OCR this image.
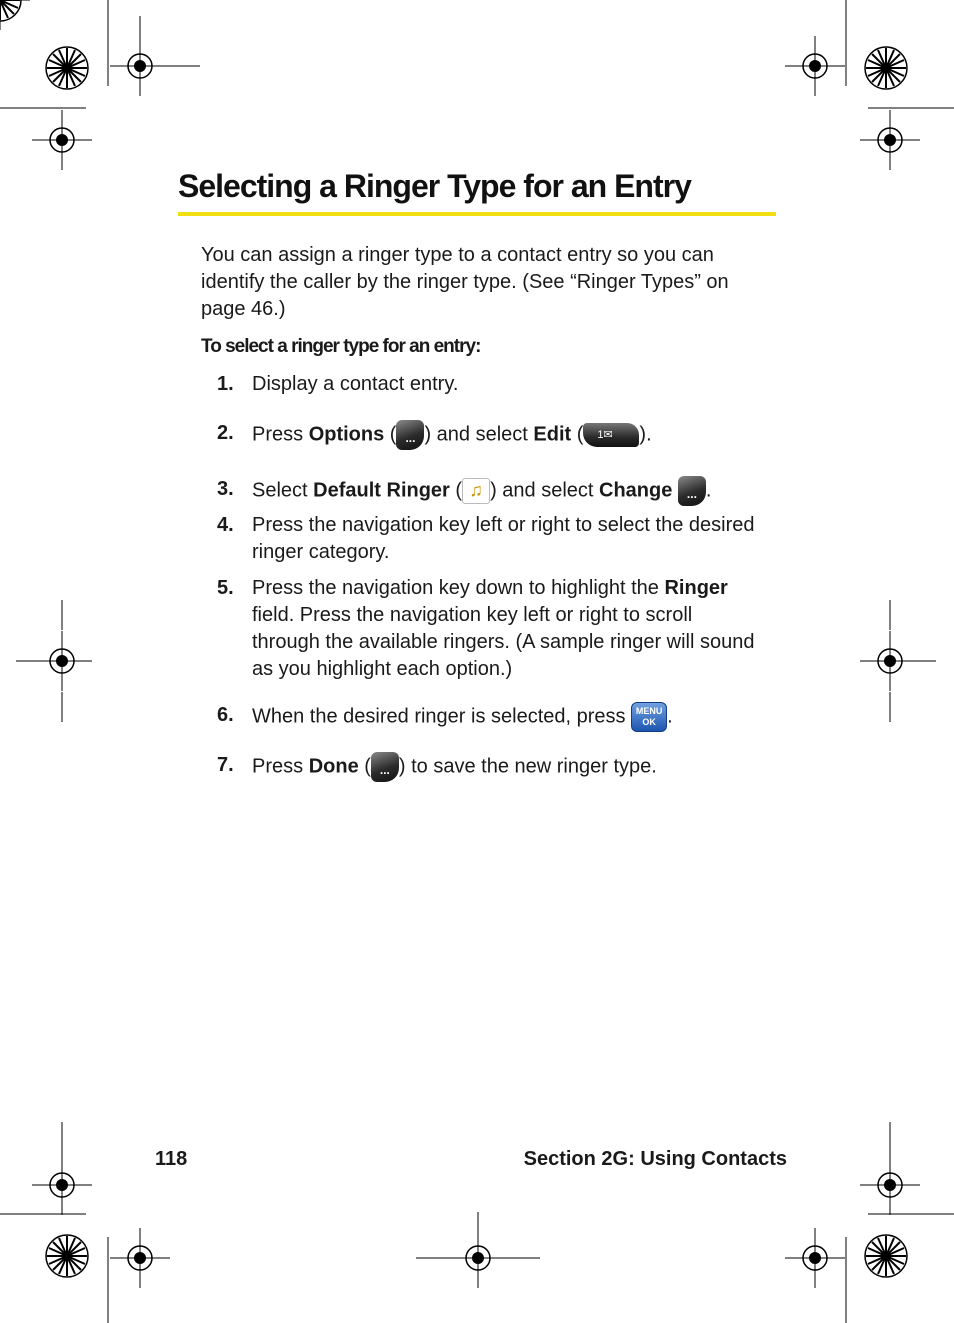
Selecting a Ringer Type for an Entry

You can assign a ringer type to a contact entry so you can identify the caller by the ringer type. (See “Ringer Types” on page 46.)

To select a ringer type for an entry:

1. Display a contact entry.
2. Press Options ( ... ) and select Edit ( 1✉ ).
3. Select Default Ringer ( ♫ ) and select Change	... .
4. Press the navigation key left or right to select the desired ringer category.
5. Press the navigation key down to highlight the Ringer field. Press the navigation key left or right to scroll through the available ringers. (A sample ringer will sound as you highlight each option.)
6. When the desired ringer is selected, press MENU
OK .
7. Press Done ( ... ) to save the new ringer type.
118	Section 2G: Using Contacts
